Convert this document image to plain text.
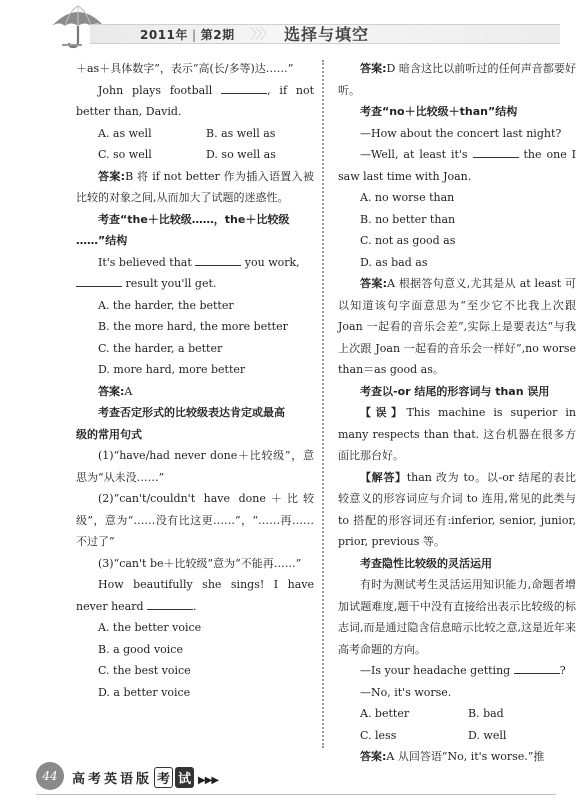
2011年 | 第2期 〉〉〉 选择与填空

＋as＋具体数字”，表示“高(长/多等)达……”

John plays football	, if not better than, David.

A. as well	B. as well as
C. so well	D. so well as

答案:B 将 if not better 作为插入语置入被比较的对象之间,从而加大了试题的迷惑性。

考查“the＋比较级……，the＋比较级

……”结构

It's believed that	you work,
result you'll get.

A. the harder, the better

B. the more hard, the more better

C. the harder, a better

D. more hard, more better

答案:A

考查否定形式的比较级表达肯定或最高

级的常用句式

(1)“have/had never done＋比较级”，意思为“从未没……”

(2)“can't/couldn't have done＋比较级”，意为“……没有比这更……”，“……再……不过了”

(3)“can't be＋比较级”意为“不能再……”

How beautifully she sings! I have never heard	.

A. the better voice

B. a good voice

C. the best voice

D. a better voice

答案:D 暗含这比以前听过的任何声音都要好听。

考查“no＋比较级＋than”结构

—How about the concert last night?

—Well, at least it's	the one I saw last time with Joan.

A. no worse than

B. no better than

C. not as good as

D. as bad as

答案:A 根据答句意义,尤其是从 at least 可以知道该句字面意思为“至少它不比我上次跟 Joan 一起看的音乐会差”,实际上是要表达“与我上次跟 Joan 一起看的音乐会一样好”,no worse than＝as good as。

考查以-or 结尾的形容词与 than 误用

【误】This machine is superior in many respects than that. 这台机器在很多方面比那台好。

【解答】than 改为 to。以-or 结尾的表比较意义的形容词应与介词 to 连用,常见的此类与 to 搭配的形容词还有:inferior, senior, junior, prior, previous 等。

考查隐性比较级的灵活运用

有时为测试考生灵活运用知识能力,命题者增加试题难度,题干中没有直接给出表示比较级的标志词,而是通过隐含信息暗示比较之意,这是近年来高考命题的方向。

—Is your headache getting	?

—No, it's worse.

A. better	B. bad
C. less	D. well

答案:A 从回答语“No, it's worse.”推

44	高考英语版 考 试 ▶▶▶
